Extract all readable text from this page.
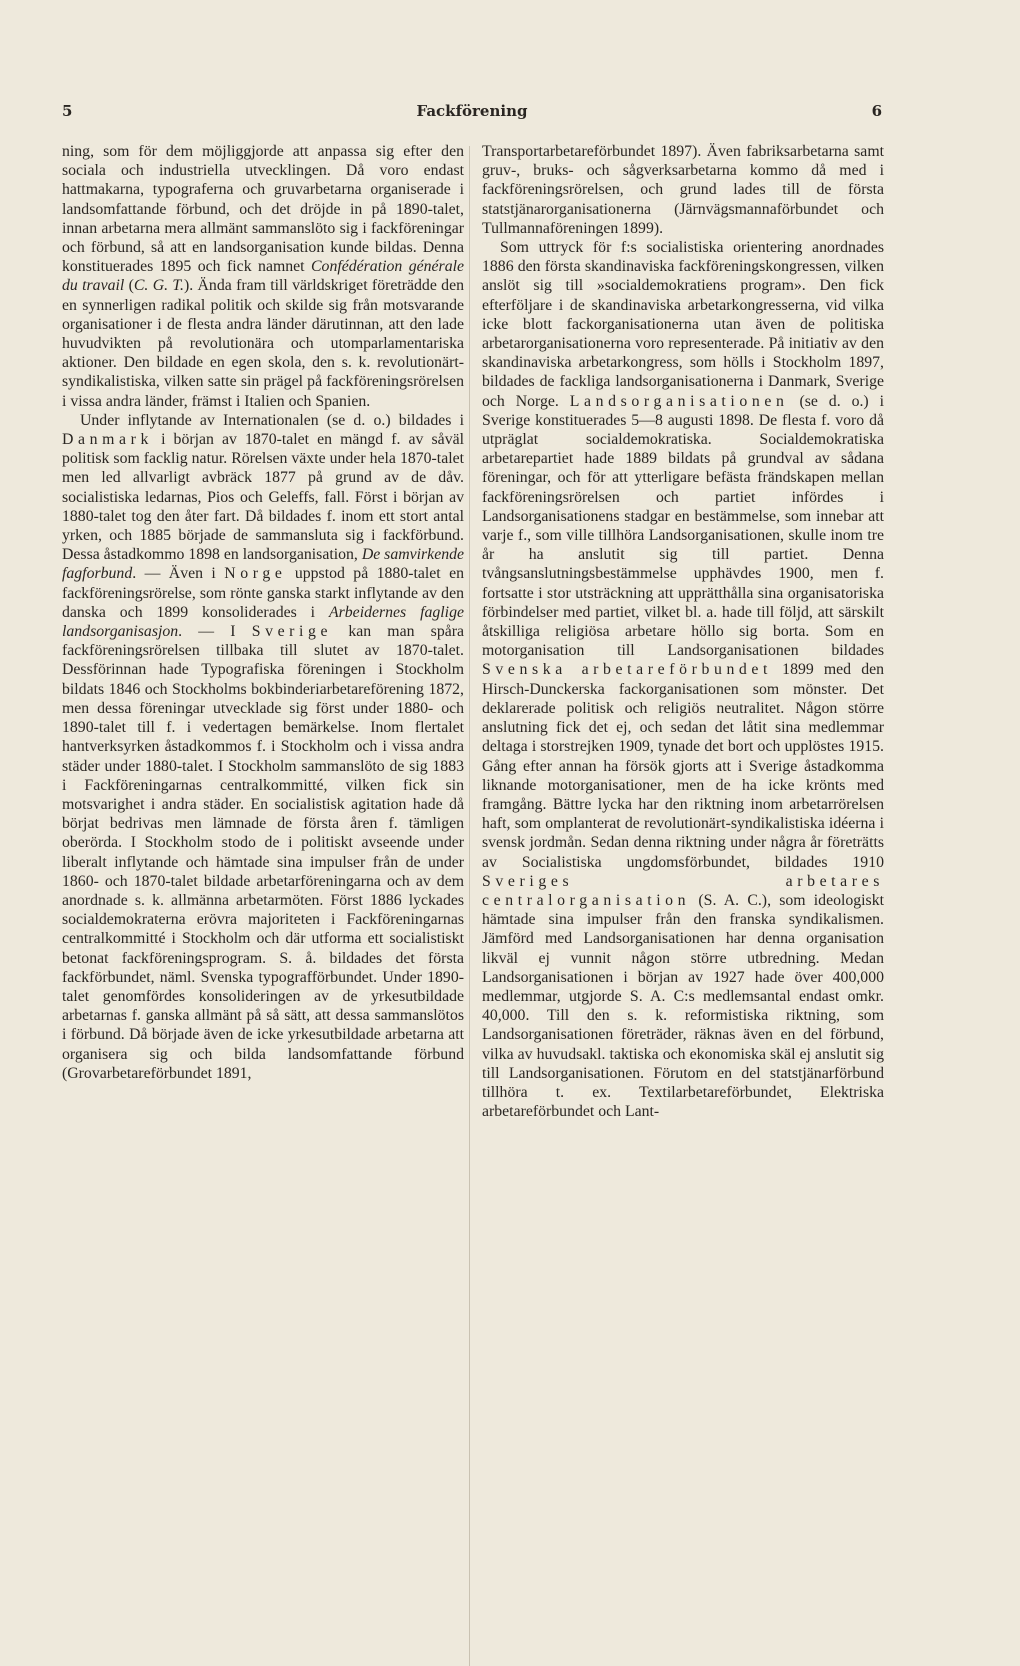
5	Fackförening	6

ning, som för dem möjliggjorde att anpassa sig efter den sociala och industriella utvecklingen. Då voro endast hattmakarna, typograferna och gruvarbetarna organiserade i landsomfattande förbund, och det dröjde in på 1890-talet, innan arbetarna mera allmänt sammanslöto sig i fackföreningar och förbund, så att en landsorganisation kunde bildas. Denna konstituerades 1895 och fick namnet Confédération générale du travail (C. G. T.). Ända fram till världskriget företrädde den en synnerligen radikal politik och skilde sig från motsvarande organisationer i de flesta andra länder därutinnan, att den lade huvudvikten på revolutionära och utomparlamentariska aktioner. Den bildade en egen skola, den s. k. revolutionärt-syndikalistiska, vilken satte sin prägel på fackföreningsrörelsen i vissa andra länder, främst i Italien och Spanien.

Under inflytande av Internationalen (se d. o.) bildades i Danmark i början av 1870-talet en mängd f. av såväl politisk som facklig natur. Rörelsen växte under hela 1870-talet men led allvarligt avbräck 1877 på grund av de dåv. socialistiska ledarnas, Pios och Geleffs, fall. Först i början av 1880-talet tog den åter fart. Då bildades f. inom ett stort antal yrken, och 1885 började de sammansluta sig i fackförbund. Dessa åstadkommo 1898 en landsorganisation, De samvirkende fagforbund. — Även i Norge uppstod på 1880-talet en fackföreningsrörelse, som rönte ganska starkt inflytande av den danska och 1899 konsoliderades i Arbeidernes faglige landsorganisasjon. — I Sverige kan man spåra fackföreningsrörelsen tillbaka till slutet av 1870-talet. Dessförinnan hade Typografiska föreningen i Stockholm bildats 1846 och Stockholms bokbinderiarbetareförening 1872, men dessa föreningar utvecklade sig först under 1880- och 1890-talet till f. i vedertagen bemärkelse. Inom flertalet hantverksyrken åstadkommos f. i Stockholm och i vissa andra städer under 1880-talet. I Stockholm sammanslöto de sig 1883 i Fackföreningarnas centralkommitté, vilken fick sin motsvarighet i andra städer. En socialistisk agitation hade då börjat bedrivas men lämnade de första åren f. tämligen oberörda. I Stockholm stodo de i politiskt avseende under liberalt inflytande och hämtade sina impulser från de under 1860- och 1870-talet bildade arbetarföreningarna och av dem anordnade s. k. allmänna arbetarmöten. Först 1886 lyckades socialdemokraterna erövra majoriteten i Fackföreningarnas centralkommitté i Stockholm och där utforma ett socialistiskt betonat fackföreningsprogram. S. å. bildades det första fackförbundet, näml. Svenska typografförbundet. Under 1890-talet genomfördes konsolideringen av de yrkesutbildade arbetarnas f. ganska allmänt på så sätt, att dessa sammanslötos i förbund. Då började även de icke yrkesutbildade arbetarna att organisera sig och bilda landsomfattande förbund (Grovarbetareförbundet 1891,

Transportarbetareförbundet 1897). Även fabriksarbetarna samt gruv-, bruks- och sågverksarbetarna kommo då med i fackföreningsrörelsen, och grund lades till de första statstjänarorganisationerna (Järnvägsmannaförbundet och Tullmannaföreningen 1899).

Som uttryck för f:s socialistiska orientering anordnades 1886 den första skandinaviska fackföreningskongressen, vilken anslöt sig till »socialdemokratiens program». Den fick efterföljare i de skandinaviska arbetarkongresserna, vid vilka icke blott fackorganisationerna utan även de politiska arbetarorganisationerna voro representerade. På initiativ av den skandinaviska arbetarkongress, som hölls i Stockholm 1897, bildades de fackliga landsorganisationerna i Danmark, Sverige och Norge. Landsorganisationen (se d. o.) i Sverige konstituerades 5—8 augusti 1898. De flesta f. voro då utpräglat socialdemokratiska. Socialdemokratiska arbetarepartiet hade 1889 bildats på grundval av sådana föreningar, och för att ytterligare befästa frändskapen mellan fackföreningsrörelsen och partiet infördes i Landsorganisationens stadgar en bestämmelse, som innebar att varje f., som ville tillhöra Landsorganisationen, skulle inom tre år ha anslutit sig till partiet. Denna tvångsanslutningsbestämmelse upphävdes 1900, men f. fortsatte i stor utsträckning att upprätthålla sina organisatoriska förbindelser med partiet, vilket bl. a. hade till följd, att särskilt åtskilliga religiösa arbetare höllo sig borta. Som en motorganisation till Landsorganisationen bildades Svenska arbetareförbundet 1899 med den Hirsch-Dunckerska fackorganisationen som mönster. Det deklarerade politisk och religiös neutralitet. Någon större anslutning fick det ej, och sedan det låtit sina medlemmar deltaga i storstrejken 1909, tynade det bort och upplöstes 1915. Gång efter annan ha försök gjorts att i Sverige åstadkomma liknande motorganisationer, men de ha icke krönts med framgång. Bättre lycka har den riktning inom arbetarrörelsen haft, som omplanterat de revolutionärt-syndikalistiska idéerna i svensk jordmån. Sedan denna riktning under några år företrätts av Socialistiska ungdomsförbundet, bildades 1910 Sveriges arbetares centralorganisation (S. A. C.), som ideologiskt hämtade sina impulser från den franska syndikalismen. Jämförd med Landsorganisationen har denna organisation likväl ej vunnit någon större utbredning. Medan Landsorganisationen i början av 1927 hade över 400,000 medlemmar, utgjorde S. A. C:s medlemsantal endast omkr. 40,000. Till den s. k. reformistiska riktning, som Landsorganisationen företräder, räknas även en del förbund, vilka av huvudsakl. taktiska och ekonomiska skäl ej anslutit sig till Landsorganisationen. Förutom en del statstjänarförbund tillhöra t. ex. Textilarbetareförbundet, Elektriska arbetareförbundet och Lant-
